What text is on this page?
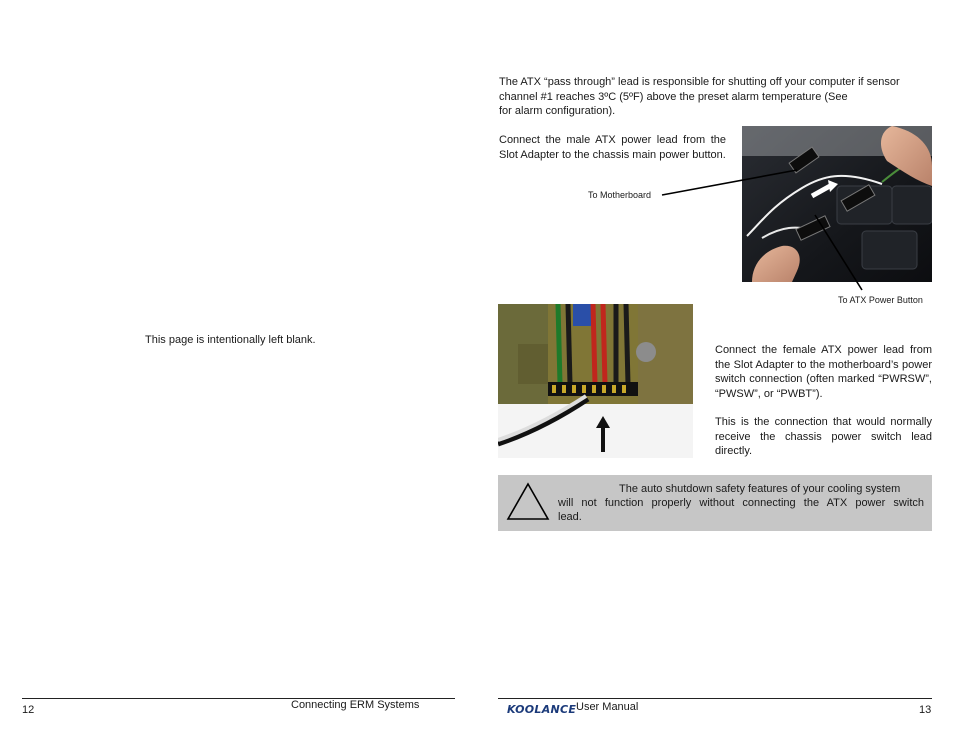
This page is intentionally left blank.
12	Connecting ERM Systems
The ATX “pass through” lead is responsible for shutting off your computer if sensor
channel #1 reaches 3ºC (5ºF) above the preset alarm temperature (See
for alarm configuration).
Connect the male ATX power lead from the Slot Adapter to the chassis main power button.
To Motherboard
To ATX Power Button
Connect the female ATX power lead from the Slot Adapter to the motherboard’s power switch connection (often marked “PWRSW”, “PWSW”, or “PWBT”).
This is the connection that would normally receive the chassis power switch lead directly.
The auto shutdown safety features of your cooling system
will not function properly without connecting the ATX power switch
lead.
KOOLANCE User Manual	13
